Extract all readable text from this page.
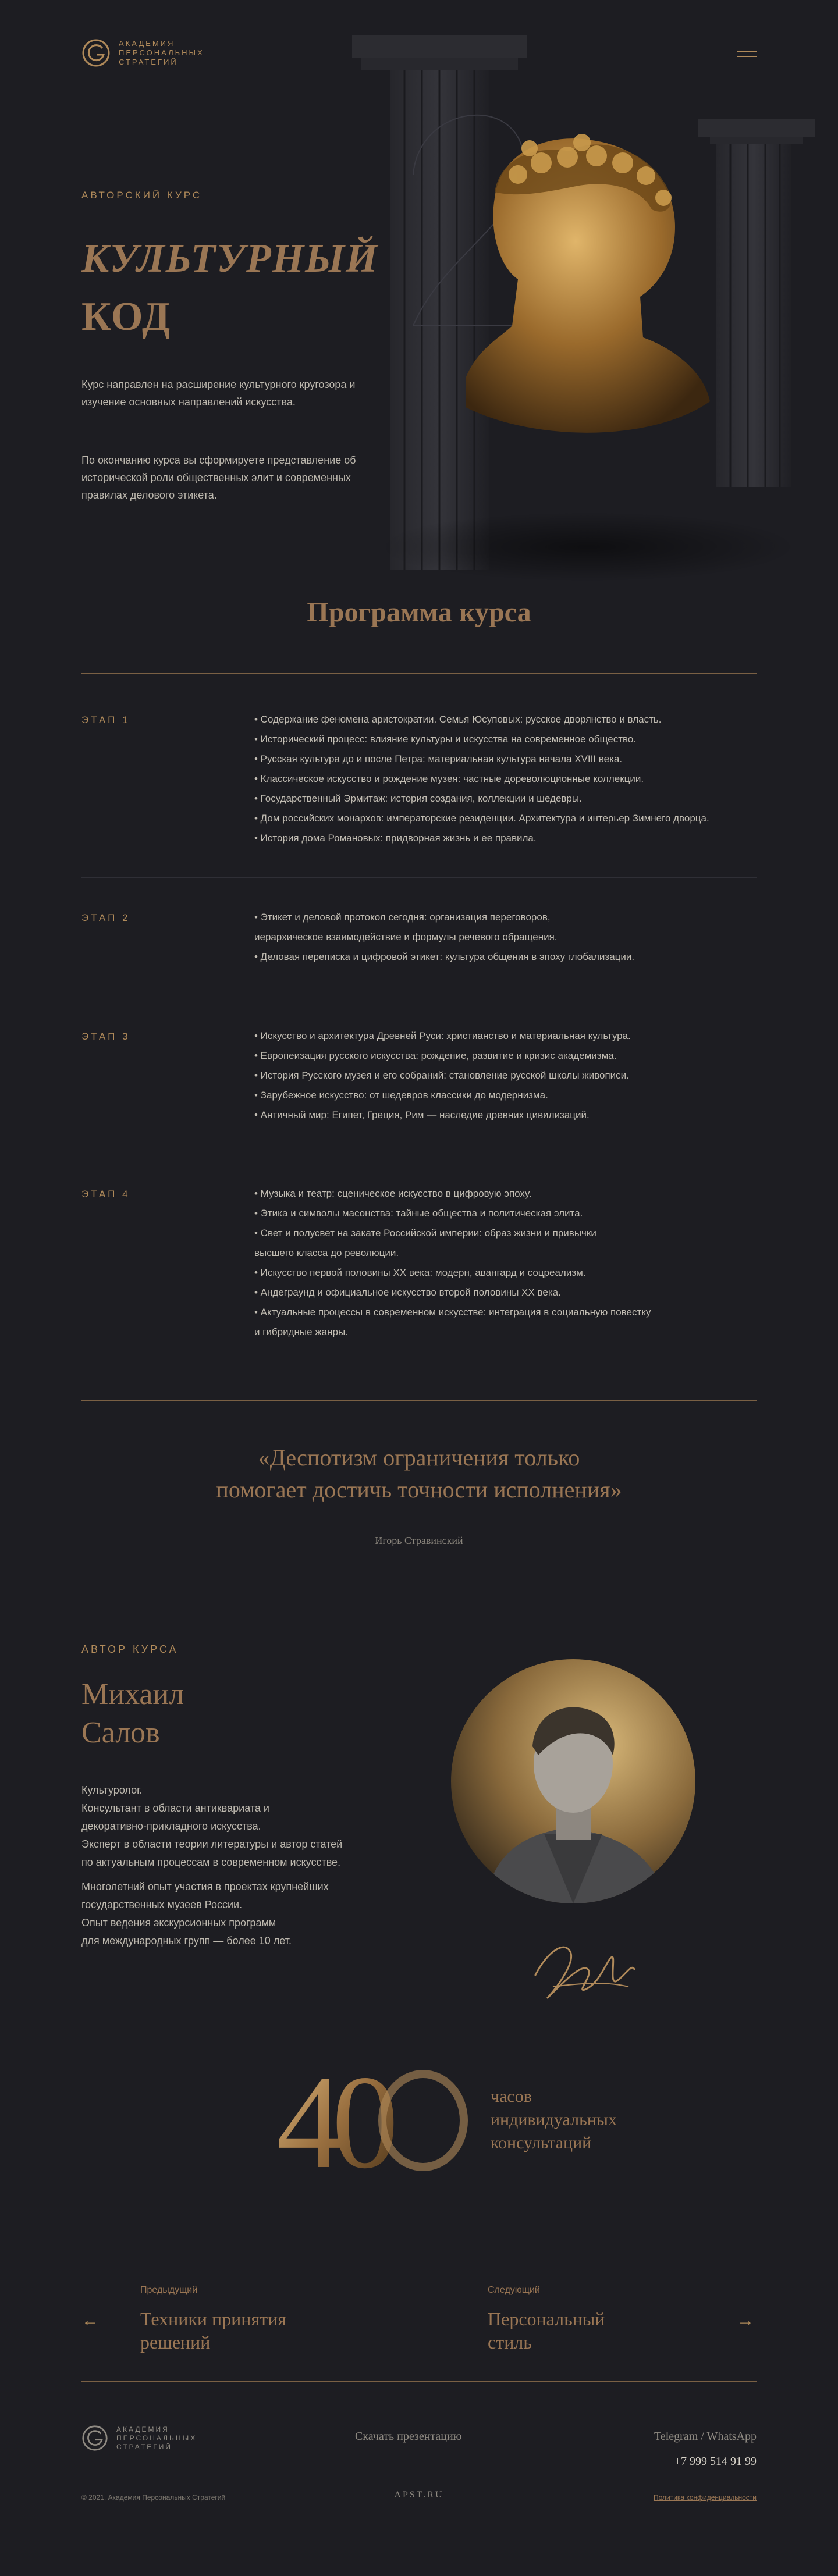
АКАДЕМИЯ
ПЕРСОНАЛЬНЫХ
СТРАТЕГИЙ
АВТОРСКИЙ КУРС
КУЛЬТУРНЫЙ
КОД

Курс направлен на расширение культурного кругозора и изучение основных направлений искусства.

По окончанию курса вы сформируете представление об исторической роли общественных элит и современных правилах делового этикета.

Программа курса
ЭТАП 1	• Содержание феномена аристократии. Семья Юсуповых: русское дворянство и власть.
• Исторический процесс: влияние культуры и искусства на современное общество.
• Русская культура до и после Петра: материальная культура начала XVIII века.
• Классическое искусство и рождение музея: частные дореволюционные коллекции.
• Государственный Эрмитаж: история создания, коллекции и шедевры.
• Дом российских монархов: императорские резиденции. Архитектура и интерьер Зимнего дворца.
• История дома Романовых: придворная жизнь и ее правила.
ЭТАП 2	• Этикет и деловой протокол сегодня: организация переговоров,
иерархическое взаимодействие и формулы речевого обращения.
• Деловая переписка и цифровой этикет: культура общения в эпоху глобализации.
ЭТАП 3	• Искусство и архитектура Древней Руси: христианство и материальная культура.
• Европеизация русского искусства: рождение, развитие и кризис академизма.
• История Русского музея и его собраний: становление русской школы живописи.
• Зарубежное искусство: от шедевров классики до модернизма.
• Античный мир: Египет, Греция, Рим — наследие древних цивилизаций.
ЭТАП 4	• Музыка и театр: сценическое искусство в цифровую эпоху.
• Этика и символы масонства: тайные общества и политическая элита.
• Свет и полусвет на закате Российской империи: образ жизни и привычки
высшего класса до революции.
• Искусство первой половины XX века: модерн, авангард и соцреализм.
• Андеграунд и официальное искусство второй половины XX века.
• Актуальные процессы в современном искусстве: интеграция в социальную повестку
и гибридные жанры.
«Деспотизм ограничения только
помогает достичь точности исполнения»
Игорь Стравинский
АВТОР КУРСА
Михаил
Салов
Культуролог.
Консультант в области антиквариата и
декоративно-прикладного искусства.
Эксперт в области теории литературы и автор статей
по актуальным процессам в современном искусстве.
Многолетний опыт участия в проектах крупнейших
государственных музеев России.
Опыт ведения экскурсионных программ
для международных групп — более 10 лет.
40	часов
индивидуальных
консультаций
←
Предыдущий
Техники принятия
решений
Следующий
Персональный
стиль
→
АКАДЕМИЯ
ПЕРСОНАЛЬНЫХ
СТРАТЕГИЙ
Скачать презентацию	Telegram / WhatsApp
+7 999 514 91 99
© 2021. Академия Персональных Стратегий	APST.RU	Политика конфиденциальности
